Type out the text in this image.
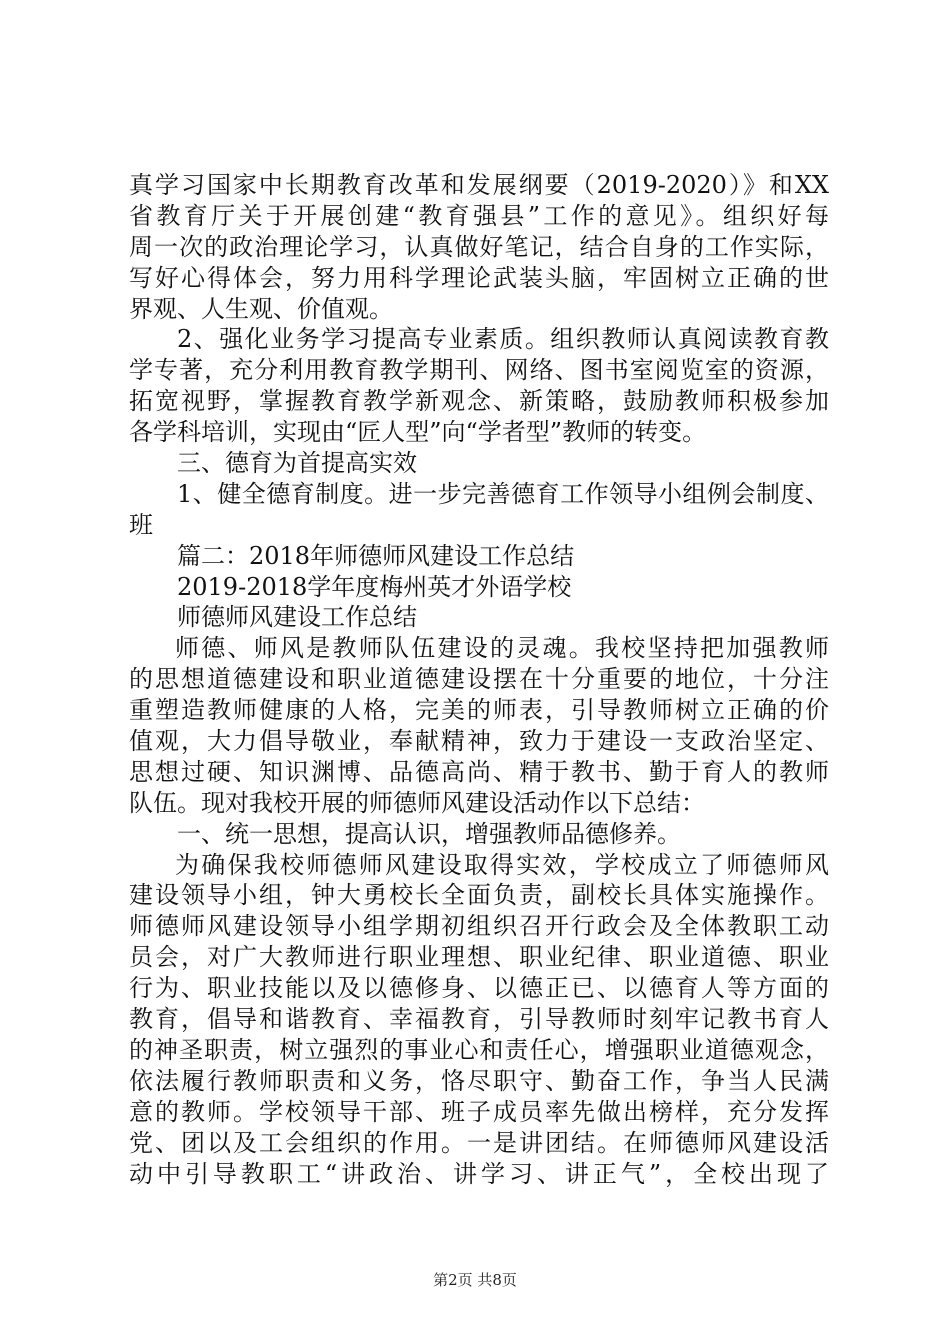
真学习国家中长期教育改革和发展纲要（2019-2020）》和XX
省教育厅关于开展创建“教育强县”工作的意见》。组织好每
周一次的政治理论学习，认真做好笔记，结合自身的工作实际，
写好心得体会，努力用科学理论武装头脑，牢固树立正确的世
界观、人生观、价值观。
2、强化业务学习提高专业素质。组织教师认真阅读教育教
学专著，充分利用教育教学期刊、网络、图书室阅览室的资源，
拓宽视野，掌握教育教学新观念、新策略，鼓励教师积极参加
各学科培训，实现由“匠人型”向“学者型”教师的转变。
三、德育为首提高实效
1、健全德育制度。进一步完善德育工作领导小组例会制度、
班
篇二：2018年师德师风建设工作总结
2019-2018学年度梅州英才外语学校
师德师风建设工作总结
师德、师风是教师队伍建设的灵魂。我校坚持把加强教师
的思想道德建设和职业道德建设摆在十分重要的地位，十分注
重塑造教师健康的人格，完美的师表，引导教师树立正确的价
值观，大力倡导敬业，奉献精神，致力于建设一支政治坚定、
思想过硬、知识渊博、品德高尚、精于教书、勤于育人的教师
队伍。现对我校开展的师德师风建设活动作以下总结：
一、统一思想，提高认识，增强教师品德修养。
为确保我校师德师风建设取得实效，学校成立了师德师风
建设领导小组，钟大勇校长全面负责，副校长具体实施操作。
师德师风建设领导小组学期初组织召开行政会及全体教职工动
员会，对广大教师进行职业理想、职业纪律、职业道德、职业
行为、职业技能以及以德修身、以德正已、以德育人等方面的
教育，倡导和谐教育、幸福教育，引导教师时刻牢记教书育人
的神圣职责，树立强烈的事业心和责任心，增强职业道德观念，
依法履行教师职责和义务，恪尽职守、勤奋工作，争当人民满
意的教师。学校领导干部、班子成员率先做出榜样，充分发挥
党、团以及工会组织的作用。一是讲团结。在师德师风建设活
动中引导教职工“讲政治、讲学习、讲正气”，全校出现了
第2页 共8页
